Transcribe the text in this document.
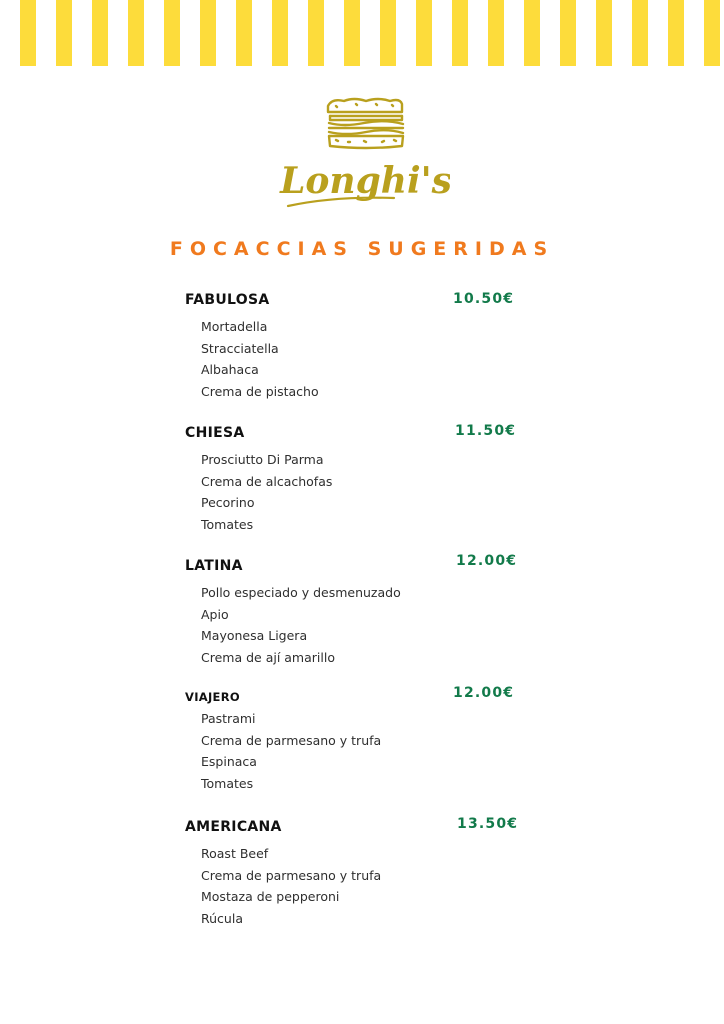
Longhi's
FOCACCIAS SUGERIDAS
FABULOSA	10.50€
Mortadella
Stracciatella
Albahaca
Crema de pistacho
CHIESA	11.50€
Prosciutto Di Parma
Crema de alcachofas
Pecorino
Tomates
LATINA	12.00€
Pollo especiado y desmenuzado
Apio
Mayonesa Ligera
Crema de ají amarillo
VIAJERO	12.00€
Pastrami
Crema de parmesano y trufa
Espinaca
Tomates
AMERICANA	13.50€
Roast Beef
Crema de parmesano y trufa
Mostaza de pepperoni
Rúcula
